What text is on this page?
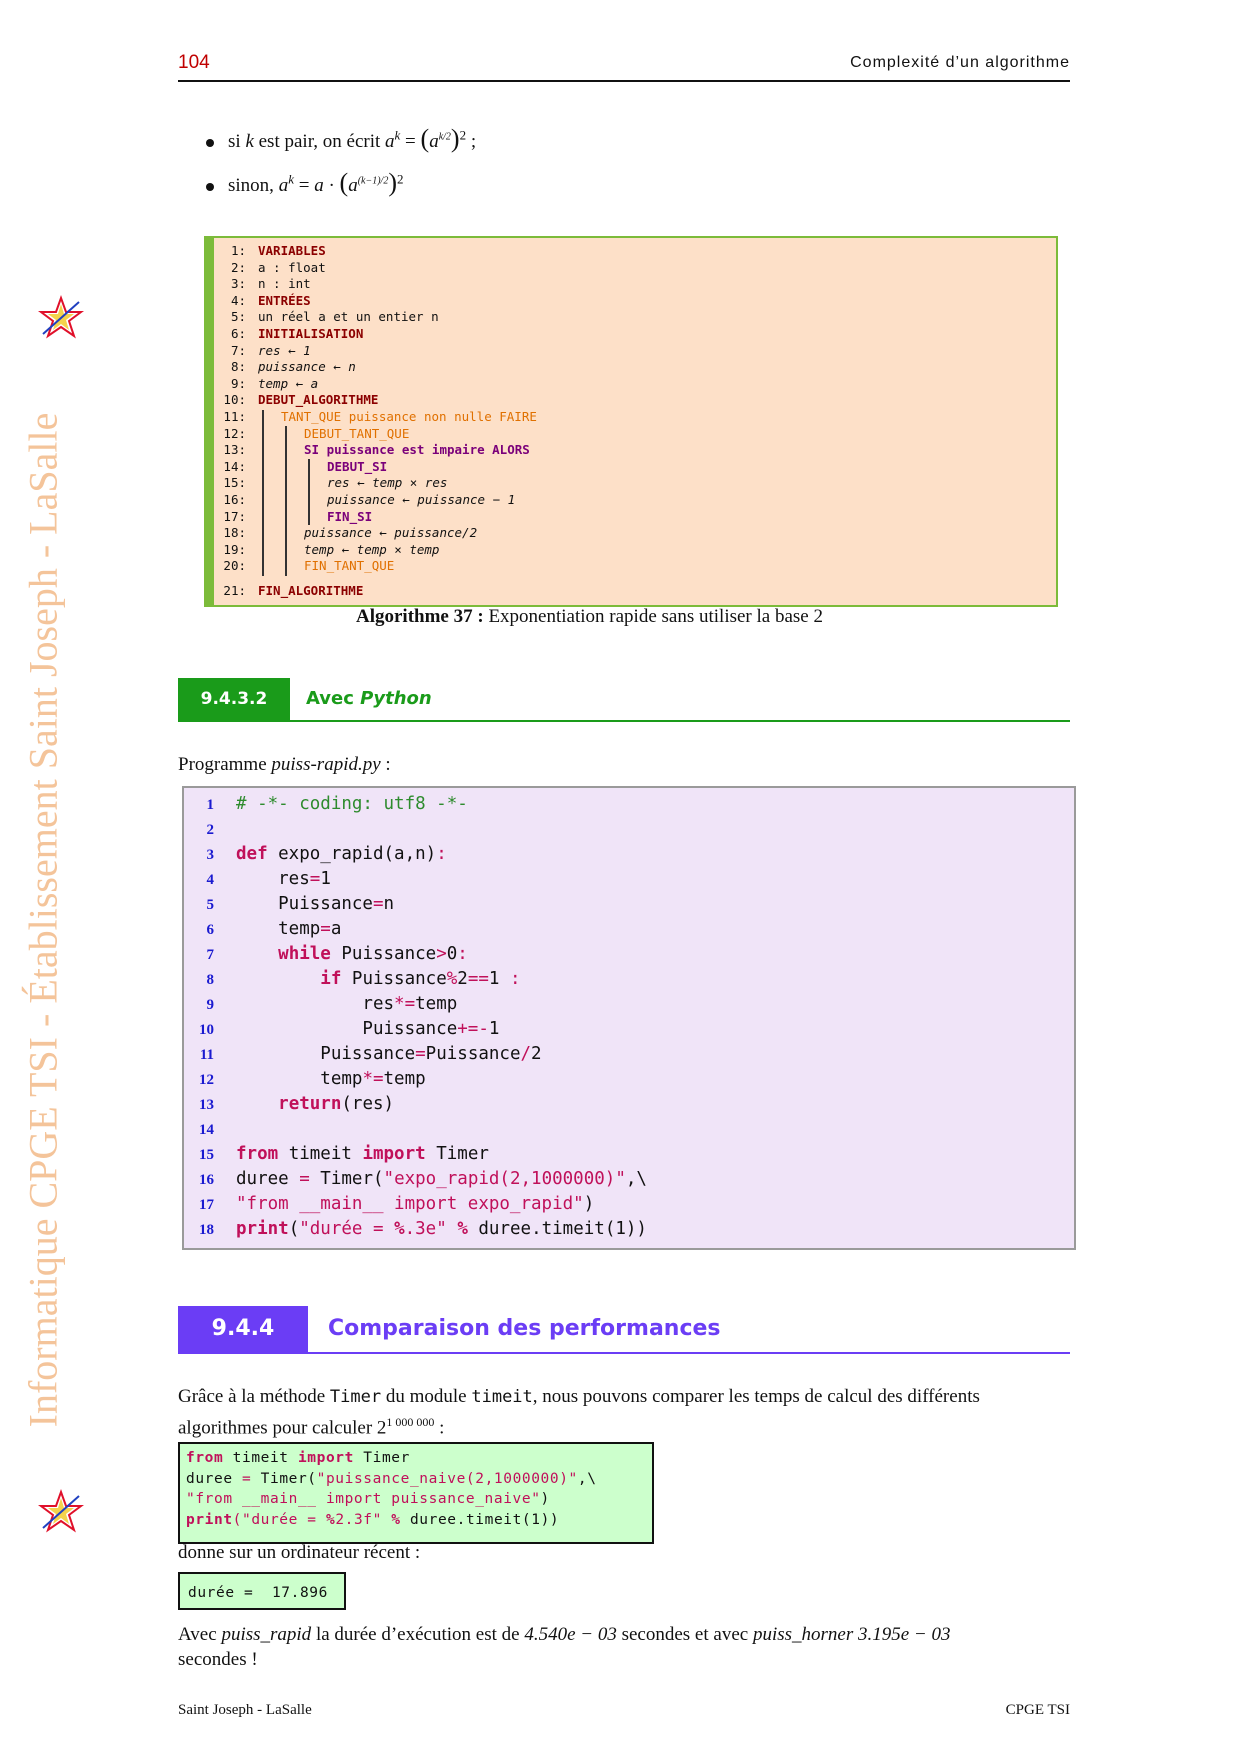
104	Complexité d’un algorithme
Informatique CPGE TSI - Établissement Saint Joseph - LaSalle
si k est pair, on écrit $a^k = (a^{k/2})^2$ ;
sinon, $a^k = a \cdot (a^{(k-1)/2})^2$
1: VARIABLES
2: a : float
3: n : int
4: ENTRÉES
5: un réel a et un entier n
6: INITIALISATION
7: res ← 1
8: puissance ← n
9: temp ← a
10: DEBUT_ALGORITHME
11:	TANT_QUE puissance non nulle FAIRE
12:	DEBUT_TANT_QUE
13:	SI puissance est impaire ALORS
14:	DEBUT_SI
15:	res ← temp × res
16:	puissance ← puissance − 1
17:	FIN_SI
18:	puissance ← puissance/2
19:	temp ← temp × temp
20:	FIN_TANT_QUE
21: FIN_ALGORITHME
Algorithme 37 : Exponentiation rapide sans utiliser la base 2
9.4.3.2	Avec Python
Programme puiss-rapid.py :
1 # -*- coding: utf8 -*-
2
3 def expo_rapid(a,n):
4    res=1
5    Puissance=n
6    temp=a
7	while Puissance>0:
8	if Puissance%2==1 :
9            res*=temp
10            Puissance+=-1
11        Puissance=Puissance/2
12        temp*=temp
13	return(res)
14
15 from timeit import Timer
16 duree = Timer("expo_rapid(2,1000000)",\
17 "from __main__ import expo_rapid")
18 print("durée = %.3e" % duree.timeit(1))
9.4.4	Comparaison des performances
Grâce à la méthode Timer du module timeit, nous pouvons comparer les temps de calcul des différents
algorithmes pour calculer $2^{1 000 000}$ :
from timeit import Timer
duree = Timer("puissance_naive(2,1000000)",\
"from __main__ import puissance_naive")
print("durée = %2.3f" % duree.timeit(1))
donne sur un ordinateur récent :
durée =  17.896
Avec puiss_rapid la durée d’exécution est de 4.540e − 03 secondes et avec puiss_horner 3.195e − 03
secondes !
Saint Joseph - LaSalle	CPGE TSI
